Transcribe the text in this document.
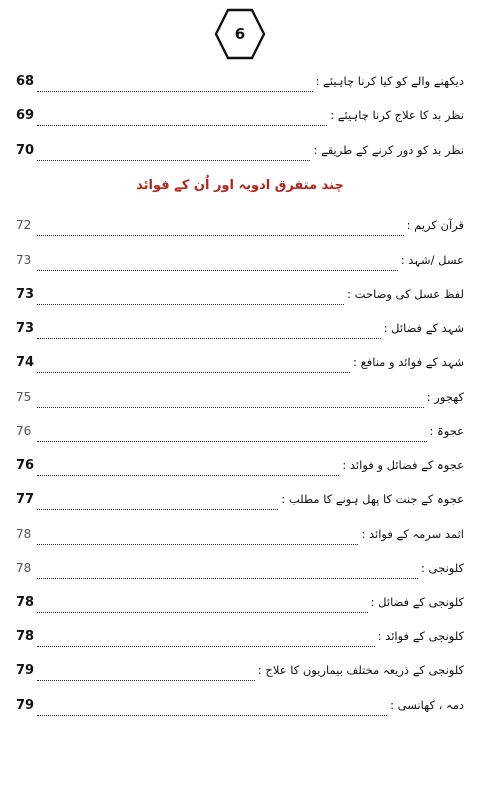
6
68	دیکھنے والے کو کیا کرنا چاہیئے :
69	نظر بد کا علاج کرنا چاہیئے :
70	نظر بد کو دور کرنے کے طریقے :
چند متفرق ادویہ اور اُن کے فوائد
72	قرآن کریم :
73	عسل /شہد :
73	لفظ عسل کی وضاحت :
73	شہد کے فضائل :
74	شہد کے فوائد و منافع :
75	کھجور :
76	عجوۃ :
76	عجوہ کے فضائل و فوائد :
77	عجوہ کے جنت کا پھل ہونے کا مطلب :
78	اثمد سرمہ کے فوائد :
78	کلونجی :
78	کلونجی کے فضائل :
78	کلونجی کے فوائد :
79	کلونجی کے ذریعہ مختلف بیماریوں کا علاج :
79	دمہ ، کھانسی :
